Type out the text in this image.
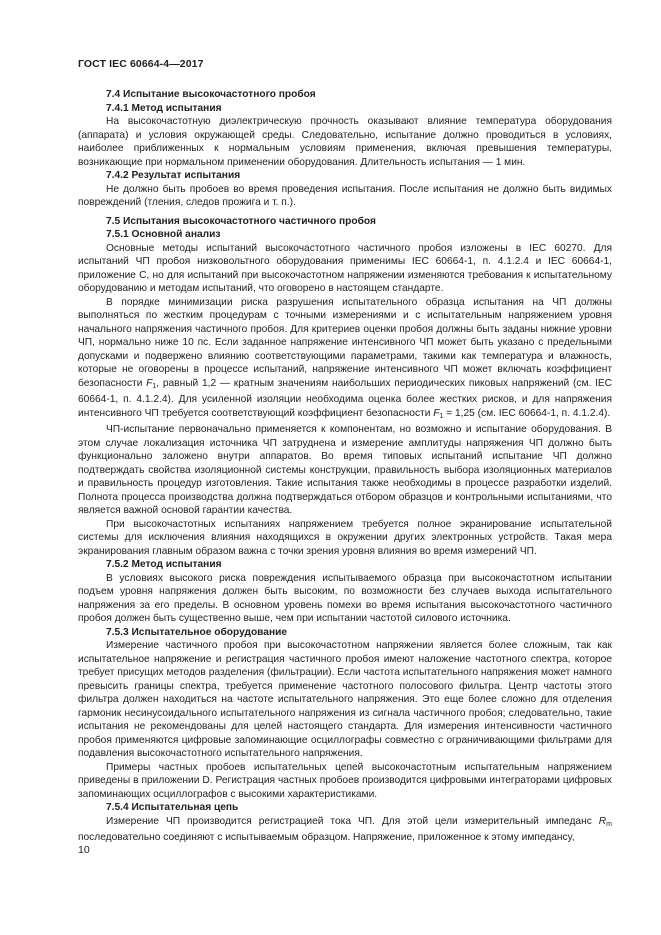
ГОСТ IEC 60664-4—2017

7.4 Испытание высокочастотного пробоя

7.4.1 Метод испытания

На высокочастотную диэлектрическую прочность оказывают влияние температура оборудования (аппарата) и условия окружающей среды. Следовательно, испытание должно проводиться в условиях, наиболее приближенных к нормальным условиям применения, включая превышения температуры, возникающие при нормальном применении оборудования. Длительность испытания — 1 мин.

7.4.2 Результат испытания

Не должно быть пробоев во время проведения испытания. После испытания не должно быть видимых повреждений (тления, следов прожига и т. п.).

7.5 Испытания высокочастотного частичного пробоя

7.5.1 Основной анализ

Основные методы испытаний высокочастотного частичного пробоя изложены в IEC 60270. Для испытаний ЧП пробоя низковольтного оборудования применимы IEC 60664-1, п. 4.1.2.4 и IEC 60664-1, приложение С, но для испытаний при высокочастотном напряжении изменяются требования к испытательному оборудованию и методам испытаний, что оговорено в настоящем стандарте.

В порядке минимизации риска разрушения испытательного образца испытания на ЧП должны выполняться по жестким процедурам с точными измерениями и с испытательным напряжением уровня начального напряжения частичного пробоя. Для критериев оценки пробоя должны быть заданы нижние уровни ЧП, нормально ниже 10 пс. Если заданное напряжение интенсивного ЧП может быть указано с предельными допусками и подвержено влиянию соответствующими параметрами, такими как температура и влажность, которые не оговорены в процессе испытаний, напряжение интенсивного ЧП может включать коэффициент безопасности $F_1$, равный 1,2 — кратным значениям наибольших периодических пиковых напряжений (см. IEC 60664-1, п. 4.1.2.4). Для усиленной изоляции необходима оценка более жестких рисков, и для напряжения интенсивного ЧП требуется соответствующий коэффициент безопасности $F_1 = 1,25$ (см. IEC 60664-1, п. 4.1.2.4).

ЧП-испытание первоначально применяется к компонентам, но возможно и испытание оборудования. В этом случае локализация источника ЧП затруднена и измерение амплитуды напряжения ЧП должно быть функционально заложено внутри аппаратов. Во время типовых испытаний испытание ЧП должно подтверждать свойства изоляционной системы конструкции, правильность выбора изоляционных материалов и правильность процедур изготовления. Такие испытания также необходимы в процессе разработки изделий. Полнота процесса производства должна подтверждаться отбором образцов и контрольными испытаниями, что является важной основой гарантии качества.

При высокочастотных испытаниях напряжением требуется полное экранирование испытательной системы для исключения влияния находящихся в окружении других электронных устройств. Такая мера экранирования главным образом важна с точки зрения уровня влияния во время измерений ЧП.

7.5.2 Метод испытания

В условиях высокого риска повреждения испытываемого образца при высокочастотном испытании подъем уровня напряжения должен быть высоким, по возможности без случаев выхода испытательного напряжения за его пределы. В основном уровень помехи во время испытания высокочастотного частичного пробоя должен быть существенно выше, чем при испытании частотой силового источника.

7.5.3 Испытательное оборудование

Измерение частичного пробоя при высокочастотном напряжении является более сложным, так как испытательное напряжение и регистрация частичного пробоя имеют наложение частотного спектра, которое требует присущих методов разделения (фильтрации). Если частота испытательного напряжения может намного превысить границы спектра, требуется применение частотного полосового фильтра. Центр частоты этого фильтра должен находиться на частоте испытательного напряжения. Это еще более сложно для отделения гармоник несинусоидального испытательного напряжения из сигнала частичного пробоя; следовательно, такие испытания не рекомендованы для целей настоящего стандарта. Для измерения интенсивности частичного пробоя применяются цифровые запоминающие осциллографы совместно с ограничивающими фильтрами для подавления высокочастотного испытательного напряжения.

Примеры частных пробоев испытательных цепей высокочастотным испытательным напряжением приведены в приложении D. Регистрация частных пробоев производится цифровыми интеграторами цифровых запоминающих осциллографов с высокими характеристиками.

7.5.4 Испытательная цепь

Измерение ЧП производится регистрацией тока ЧП. Для этой цели измерительный импеданс $R_m$ последовательно соединяют с испытываемым образцом. Напряжение, приложенное к этому импедансу,

10
